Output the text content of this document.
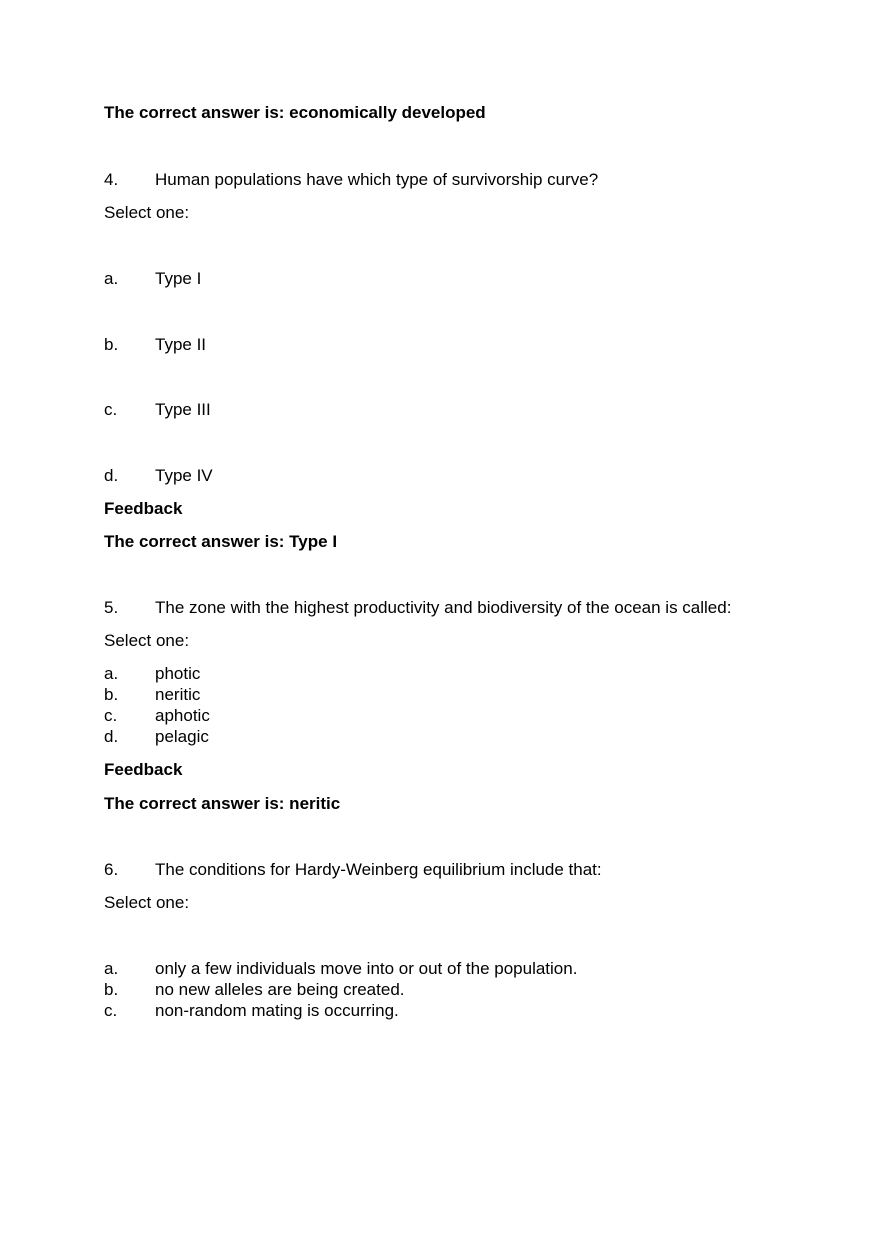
The correct answer is: economically developed
4. Human populations have which type of survivorship curve?
Select one:
a. Type I
b. Type II
c. Type III
d. Type IV
Feedback
The correct answer is: Type I
5. The zone with the highest productivity and biodiversity of the ocean is called:
Select one:
a. photic
b. neritic
c. aphotic
d. pelagic
Feedback
The correct answer is: neritic
6. The conditions for Hardy-Weinberg equilibrium include that:
Select one:
a. only a few individuals move into or out of the population.
b. no new alleles are being created.
c. non-random mating is occurring.
